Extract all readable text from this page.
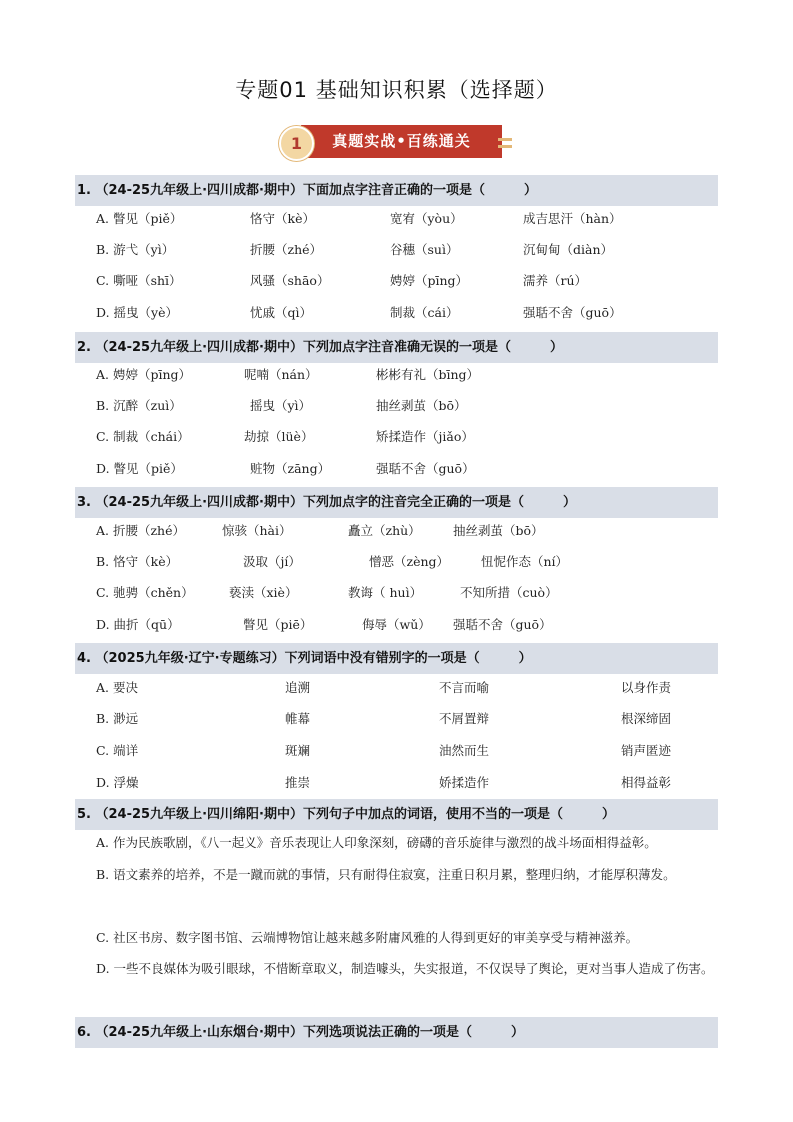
专题01 基础知识积累（选择题）
真题实战•百练通关
1
1. （24-25九年级上·四川成都·期中）下面加点字注音正确的一项是（　　　）
A. 瞥见（piě）	恪守（kè）	宽宥（yòu）	成吉思汗（hàn）
B. 游弋（yì）	折腰（zhé）	谷穗（suì）	沉甸甸（diàn）
C. 嘶哑（shī）	风骚（shāo）	娉婷（pīng）	濡养（rú）
D. 摇曳（yè）	忧戚（qì）	制裁（cái）	强聒不舍（guō）
2. （24-25九年级上·四川成都·期中）下列加点字注音准确无误的一项是（　　　）
A. 娉婷（pīng）	呢喃（nán）	彬彬有礼（bīng）
B. 沉醉（zuì）	摇曳（yì）	抽丝剥茧（bō）
C. 制裁（chái）	劫掠（lüè）	矫揉造作（jiǎo）
D. 瞥见（piě）	赃物（zāng）	强聒不舍（guō）
3. （24-25九年级上·四川成都·期中）下列加点字的注音完全正确的一项是（　　　）
A. 折腰（zhé）	惊骇（hài）	矗立（zhù）	抽丝剥茧（bō）
B. 恪守（kè）	汲取（jí）	憎恶（zèng）	忸怩作态（ní）
C. 驰骋（chěn）	亵渎（xiè）	教诲（ huì）	不知所措（cuò）
D. 曲折（qū）	瞥见（piē）	侮辱（wǔ） 强聒不舍（guō）
4. （2025九年级·辽宁·专题练习）下列词语中没有错别字的一项是（　　　）
A. 要决	追溯	不言而喻	以身作责
B. 渺远	帷幕	不屑置辩	根深缔固
C. 端详	斑斓	油然而生	销声匿迹
D. 浮燥	推崇	娇揉造作	相得益彰
5. （24-25九年级上·四川绵阳·期中）下列句子中加点的词语，使用不当的一项是（　　　）
A. 作为民族歌剧，《八一起义》音乐表现让人印象深刻，磅礴的音乐旋律与激烈的战斗场面相得益彰。
B. 语文素养的培养，不是一蹴而就的事情，只有耐得住寂寞，注重日积月累，整理归纳，才能厚积薄发。
C. 社区书房、数字图书馆、云端博物馆让越来越多附庸风雅的人得到更好的审美享受与精神滋养。
D. 一些不良媒体为吸引眼球，不惜断章取义，制造噱头，失实报道，不仅误导了舆论，更对当事人造成了伤害。
6. （24-25九年级上·山东烟台·期中）下列选项说法正确的一项是（　　　）
